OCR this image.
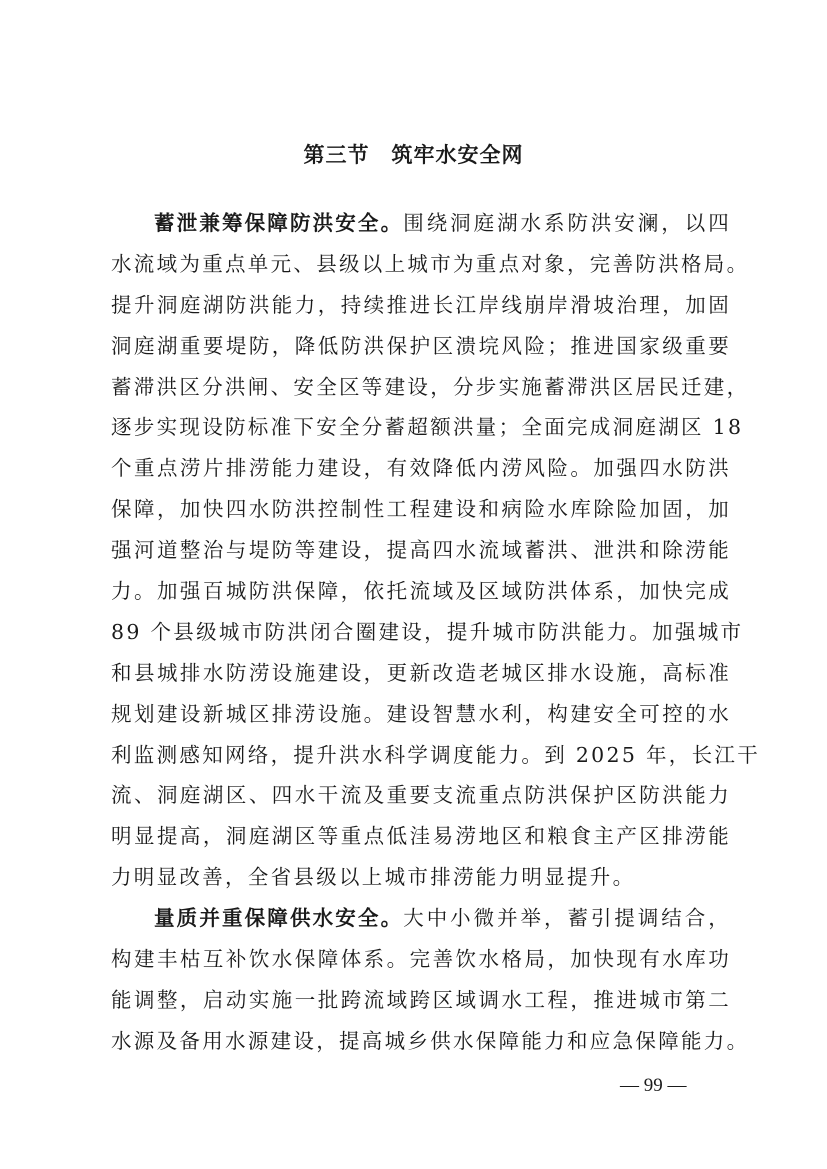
第三节　筑牢水安全网
蓄泄兼筹保障防洪安全。围绕洞庭湖水系防洪安澜，以四
水流域为重点单元、县级以上城市为重点对象，完善防洪格局。
提升洞庭湖防洪能力，持续推进长江岸线崩岸滑坡治理，加固
洞庭湖重要堤防，降低防洪保护区溃垸风险；推进国家级重要
蓄滞洪区分洪闸、安全区等建设，分步实施蓄滞洪区居民迁建，
逐步实现设防标准下安全分蓄超额洪量；全面完成洞庭湖区 18
个重点涝片排涝能力建设，有效降低内涝风险。加强四水防洪
保障，加快四水防洪控制性工程建设和病险水库除险加固，加
强河道整治与堤防等建设，提高四水流域蓄洪、泄洪和除涝能
力。加强百城防洪保障，依托流域及区域防洪体系，加快完成
89 个县级城市防洪闭合圈建设，提升城市防洪能力。加强城市
和县城排水防涝设施建设，更新改造老城区排水设施，高标准
规划建设新城区排涝设施。建设智慧水利，构建安全可控的水
利监测感知网络，提升洪水科学调度能力。到 2025 年，长江干
流、洞庭湖区、四水干流及重要支流重点防洪保护区防洪能力
明显提高，洞庭湖区等重点低洼易涝地区和粮食主产区排涝能
力明显改善，全省县级以上城市排涝能力明显提升。
量质并重保障供水安全。大中小微并举，蓄引提调结合，
构建丰枯互补饮水保障体系。完善饮水格局，加快现有水库功
能调整，启动实施一批跨流域跨区域调水工程，推进城市第二
水源及备用水源建设，提高城乡供水保障能力和应急保障能力。
— 99 —
